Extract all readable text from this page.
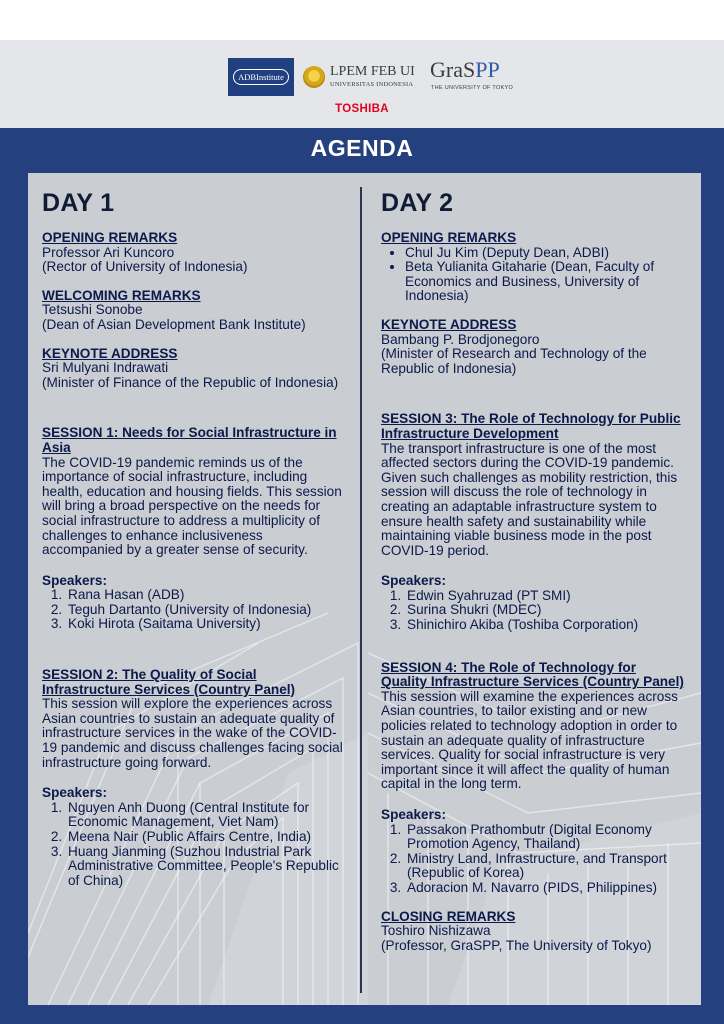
ADBInstitute	LPEM FEB UI
UNIVERSITAS INDONESIA
GraSPP
THE UNIVERSITY OF TOKYO
TOSHIBA
AGENDA
DAY 1
OPENING REMARKS
Professor Ari Kuncoro
(Rector of University of Indonesia)
WELCOMING REMARKS
Tetsushi Sonobe
(Dean of Asian Development Bank Institute)
KEYNOTE ADDRESS
Sri Mulyani Indrawati
(Minister of Finance of the Republic of Indonesia)
SESSION 1: Needs for Social Infrastructure in Asia
The COVID-19 pandemic reminds us of the importance of social infrastructure, including health, education and housing fields. This session will bring a broad perspective on the needs for social infrastructure to address a multiplicity of challenges to enhance inclusiveness accompanied by a greater sense of security.
Speakers:
1. Rana Hasan (ADB)
2. Teguh Dartanto (University of Indonesia)
3. Koki Hirota (Saitama University)
SESSION 2: The Quality of Social Infrastructure Services (Country Panel)
This session will explore the experiences across Asian countries to sustain an adequate quality of infrastructure services in the wake of the COVID-19 pandemic and discuss challenges facing social infrastructure going forward.
Speakers:
1. Nguyen Anh Duong (Central Institute for Economic Management, Viet Nam)
2. Meena Nair (Public Affairs Centre, India)
3. Huang Jianming (Suzhou Industrial Park Administrative Committee, People's Republic of China)
DAY 2
OPENING REMARKS
• Chul Ju Kim (Deputy Dean, ADBI)
• Beta Yulianita Gitaharie (Dean, Faculty of Economics and Business, University of Indonesia)
KEYNOTE ADDRESS
Bambang P. Brodjonegoro
(Minister of Research and Technology of the Republic of Indonesia)
SESSION 3: The Role of Technology for Public Infrastructure Development
The transport infrastructure is one of the most affected sectors during the COVID-19 pandemic. Given such challenges as mobility restriction, this session will discuss the role of technology in creating an adaptable infrastructure system to ensure health safety and sustainability while maintaining viable business mode in the post COVID-19 period.
Speakers:
1. Edwin Syahruzad (PT SMI)
2. Surina Shukri (MDEC)
3. Shinichiro Akiba (Toshiba Corporation)
SESSION 4: The Role of Technology for Quality Infrastructure Services (Country Panel)
This session will examine the experiences across Asian countries, to tailor existing and or new policies related to technology adoption in order to sustain an adequate quality of infrastructure services. Quality for social infrastructure is very important since it will affect the quality of human capital in the long term.
Speakers:
1. Passakon Prathombutr (Digital Economy Promotion Agency, Thailand)
2. Ministry Land, Infrastructure, and Transport (Republic of Korea)
3. Adoracion M. Navarro (PIDS, Philippines)
CLOSING REMARKS
Toshiro Nishizawa
(Professor, GraSPP, The University of Tokyo)
